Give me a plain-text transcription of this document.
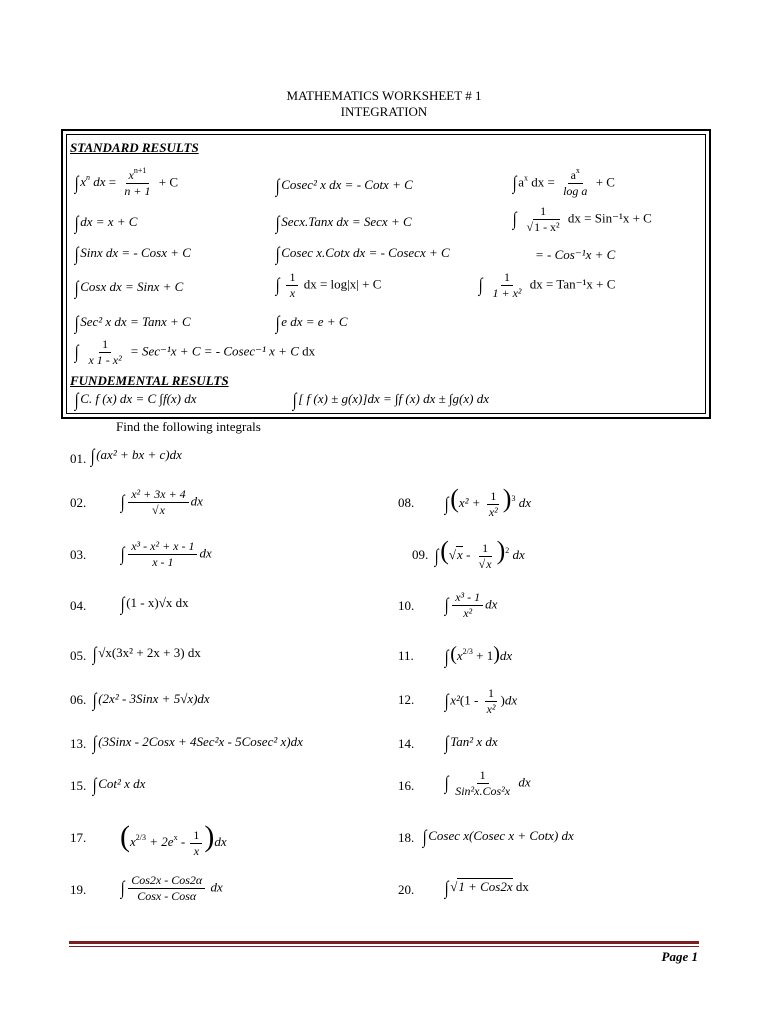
MATHEMATICS WORKSHEET # 1
INTEGRATION
STANDARD RESULTS
∫ $x^n$ dx = $\frac{x^{n+1}}{n + 1} + C$	∫ Cosec² x dx = - Cotx + C	∫ $a^x$ dx = $\frac{a^x}{\text{log a}} + C$
∫ dx = x + C	∫ Secx.Tanx dx = Secx + C	∫ $\frac{1}{\text{√1 - x²}}$ dx = Sin⁻¹x + C
∫ Sinx dx = - Cosx + C	∫ Cosec x.Cotx dx = - Cosecx + C	= - Cos⁻¹x + C
∫ Cosx dx = Sinx + C	∫ $\frac{1}{x}$ dx = log|x| + C	∫ $\frac{1}{\text{1 + x²}}$ dx = Tan⁻¹x + C
∫ Sec² x dx = Tanx + C	∫ e dx = e + C
∫ $\frac{1}{\text{x 1 - x²}} = Sec^{-1}x + C$ = - Cosec⁻¹ x + C dx
FUNDEMENTAL RESULTS
∫ C. f (x) dx = C ∫f(x) dx	∫ [ f (x) ± g(x)]dx = ∫f (x) dx ± ∫g(x) dx
Find the following integrals
01. ∫ (ax² + bx + c)dx
02. ∫ $\frac{\text{x² + 3x + 4}}{√x}$ dx
03. ∫ $\frac{\text{x³ - x² + x - 1}}{x - 1}$ dx
04. ∫ (1 - x)√x dx
05. ∫ √x(3x² + 2x + 3) dx
06. ∫ (2x² - 3Sinx + 5√x)dx
13. ∫ (3Sinx - 2Cosx + 4Sec²x - 5Cosec² x)dx
15. ∫ Cot² x dx
17. $(x^{2/3} + 2e^x - \frac{1}{x} )dx$
19. ∫ $\frac{\text{Cos2x - Cos2α}}{\text{Cosx - Cosα}}$ dx
08. $\int(x^2 + \frac{1}{\text{x²}} )^3$ dx
09. $\int(√x - \frac{1}{√x} )^2$ dx
10. ∫ $\frac{\text{x³ - 1}}{\text{x²}}$ dx
11. $\int(x^{2/3} + 1)dx$
12. ∫ $x^2(1 - \frac{1}{\text{x²}} )dx$
14. ∫ Tan² x dx
16. ∫ $\frac{1}{\text{Sin²x.Cos²x}}$ dx
18. ∫ Cosec x(Cosec x + Cotx) dx
20. ∫ √1 + Cos2x dx
Page 1
